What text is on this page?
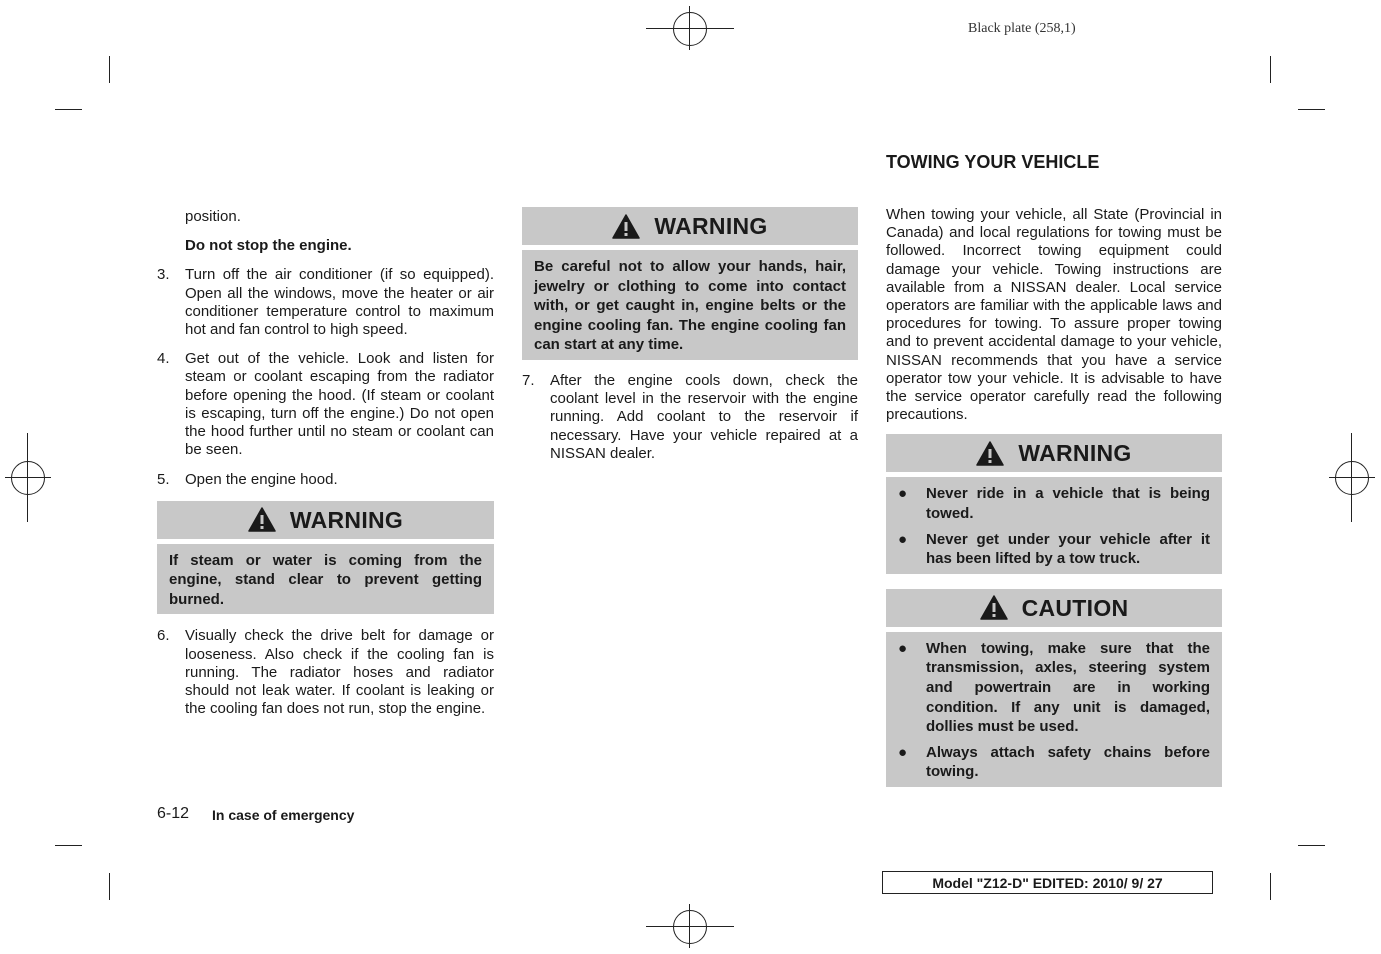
Black plate (258,1)

position.

Do not stop the engine.

3. Turn off the air conditioner (if so equipped). Open all the windows, move the heater or air conditioner temperature control to maximum hot and fan control to high speed.
4. Get out of the vehicle. Look and listen for steam or coolant escaping from the radiator before opening the hood. (If steam or coolant is escaping, turn off the engine.) Do not open the hood further until no steam or coolant can be seen.
5. Open the engine hood.
WARNING
If steam or water is coming from the engine, stand clear to prevent getting burned.
6. Visually check the drive belt for damage or looseness. Also check if the cooling fan is running. The radiator hoses and radiator should not leak water. If coolant is leaking or the cooling fan does not run, stop the engine.
WARNING
Be careful not to allow your hands, hair, jewelry or clothing to come into contact with, or get caught in, engine belts or the engine cooling fan. The engine cooling fan can start at any time.
7. After the engine cools down, check the coolant level in the reservoir with the engine running. Add coolant to the reservoir if necessary. Have your vehicle repaired at a NISSAN dealer.
TOWING YOUR VEHICLE

When towing your vehicle, all State (Provincial in Canada) and local regulations for towing must be followed. Incorrect towing equipment could damage your vehicle. Towing instructions are available from a NISSAN dealer. Local service operators are familiar with the applicable laws and procedures for towing. To assure proper towing and to prevent accidental damage to your vehicle, NISSAN recommends that you have a service operator tow your vehicle. It is advisable to have the service operator carefully read the following precautions.

WARNING
● Never ride in a vehicle that is being towed.
● Never get under your vehicle after it has been lifted by a tow truck.
CAUTION
● When towing, make sure that the transmission, axles, steering system and powertrain are in working condition. If any unit is damaged, dollies must be used.
● Always attach safety chains before towing.
6-12 In case of emergency
Model "Z12-D" EDITED: 2010/ 9/ 27
